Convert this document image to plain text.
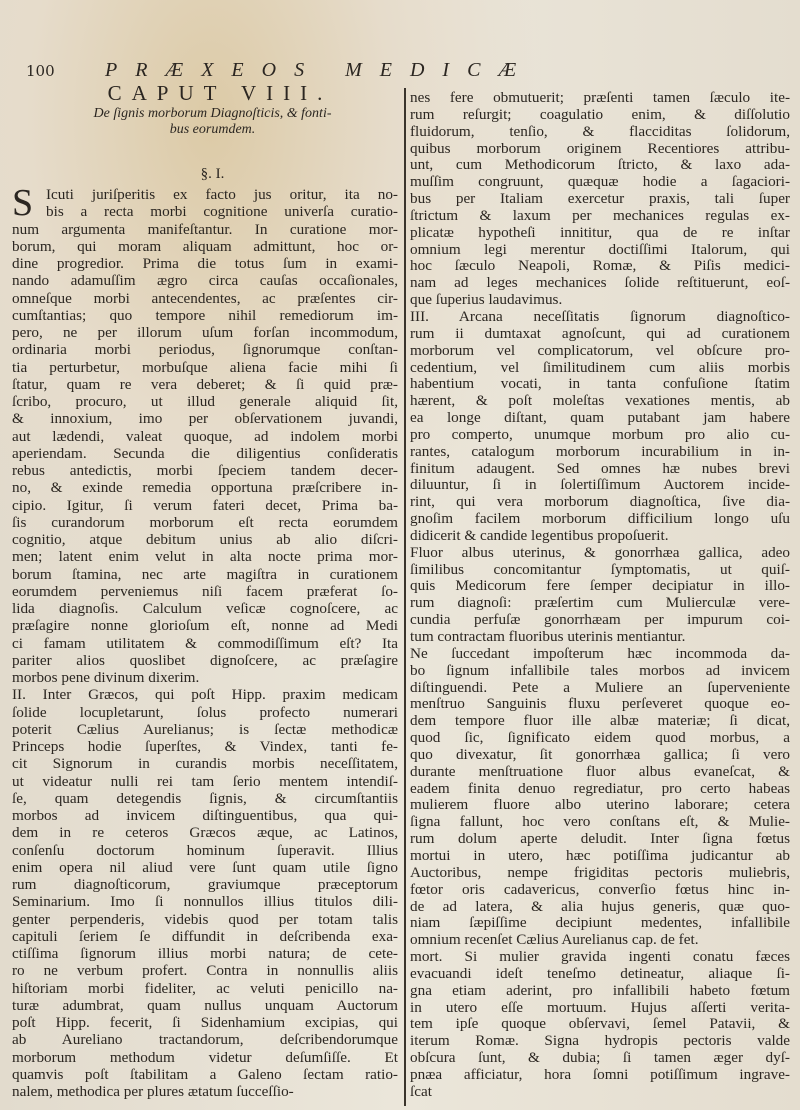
100	PRÆXEOS MEDICÆ
CAPUT VIII.
De ſignis morborum Diagnoſticis, & fonti-
bus eorumdem.
§. I.
S Icuti juriſperitis ex facto jus oritur, ita no-
bis a recta morbi cognitione univerſa curatio-
num argumenta manifeſtantur. In curatione mor-
borum, qui moram aliquam admittunt, hoc or-
dine progredior. Prima die totus ſum in exami-
nando adamuſſim ægro circa cauſas occaſionales,
omneſque morbi antecendentes, ac præſentes cir-
cumſtantias; quo tempore nihil remediorum im-
pero, ne per illorum uſum forſan incommodum,
ordinaria morbi periodus, ſignorumque conſtan-
tia perturbetur, morbuſque aliena facie mihi ſi
ſtatur, quam re vera deberet; & ſi quid præ-
ſcribo, procuro, ut illud generale aliquid ſit,
& innoxium, imo per obſervationem juvandi,
aut lædendi, valeat quoque, ad indolem morbi
aperiendam. Secunda die diligentius conſideratis
rebus antedictis, morbi ſpeciem tandem decer-
no, & exinde remedia opportuna præſcribere in-
cipio. Igitur, ſi verum fateri decet, Prima ba-
ſis curandorum morborum eſt recta eorumdem
cognitio, atque debitum unius ab alio diſcri-
men; latent enim velut in alta nocte prima mor-
borum ſtamina, nec arte magiſtra in curationem
eorumdem perveniemus niſi facem præferat ſo-
lida diagnoſis. Calculum veſicæ cognoſcere, ac
præſagire nonne glorioſum eſt, nonne ad Medi
ci famam utilitatem & commodiſſimum eſt? Ita
pariter alios quoslibet dignoſcere, ac præſagire
morbos pene divinum dixerim.
II. Inter Græcos, qui poſt Hipp. praxim medicam
ſolide locupletarunt, ſolus profecto numerari
poterit Cælius Aurelianus; is ſectæ methodicæ
Princeps hodie ſuperſtes, & Vindex, tanti fe-
cit Signorum in curandis morbis neceſſitatem,
ut videatur nulli rei tam ſerio mentem intendiſ-
ſe, quam detegendis ſignis, & circumſtantiis
morbos ad invicem diſtinguentibus, qua qui-
dem in re ceteros Græcos æque, ac Latinos,
conſenſu doctorum hominum ſuperavit. Illius
enim opera nil aliud vere ſunt quam utile ſigno
rum diagnoſticorum, graviumque præceptorum
Seminarium. Imo ſi nonnullos illius titulos dili-
genter perpenderis, videbis quod per totam talis
capituli ſeriem ſe diffundit in deſcribenda exa-
ctiſſima ſignorum illius morbi natura; de cete-
ro ne verbum profert. Contra in nonnullis aliis
hiſtoriam morbi fideliter, ac veluti penicillo na-
turæ adumbrat, quam nullus unquam Auctorum
poſt Hipp. fecerit, ſi Sidenhamium excipias, qui
ab Aureliano tractandorum, deſcribendorumque
morborum methodum videtur deſumſiſſe. Et
quamvis poſt ſtabilitam a Galeno ſectam ratio-
nalem, methodica per plures ætatum ſucceſſio-
nes fere obmutuerit; præſenti tamen ſæculo ite-
rum reſurgit; coagulatio enim, & diſſolutio
fluidorum, tenſio, & flacciditas ſolidorum,
quibus morborum originem Recentiores attribu-
unt, cum Methodicorum ſtricto, & laxo ada-
muſſim congruunt, quæquæ hodie a ſagaciori-
bus per Italiam exercetur praxis, tali ſuper
ſtrictum & laxum per mechanices regulas ex-
plicatæ hypotheſi innititur, qua de re inſtar
omnium legi merentur doctiſſimi Italorum, qui
hoc ſæculo Neapoli, Romæ, & Piſis medici-
nam ad leges mechanices ſolide reſtituerunt, eoſ-
que ſuperius laudavimus.
III. Arcana neceſſitatis ſignorum diagnoſtico-
rum ii dumtaxat agnoſcunt, qui ad curationem
morborum vel complicatorum, vel obſcure pro-
cedentium, vel ſimilitudinem cum aliis morbis
habentium vocati, in tanta confuſione ſtatim
hærent, & poſt moleſtas vexationes mentis, ab
ea longe diſtant, quam putabant jam habere
pro comperto, unumque morbum pro alio cu-
rantes, catalogum morborum incurabilium in in-
finitum adaugent. Sed omnes hæ nubes brevi
diluuntur, ſi in ſolertiſſimum Auctorem incide-
rint, qui vera morborum diagnoſtica, ſive dia-
gnoſim facilem morborum difficilium longo uſu
didicerit & candide legentibus propoſuerit.
Fluor albus uterinus, & gonorrhæa gallica, adeo
ſimilibus concomitantur ſymptomatis, ut quiſ-
quis Medicorum fere ſemper decipiatur in illo-
rum diagnoſi: præſertim cum Mulierculæ vere-
cundia perfuſæ gonorrhæam per impurum coi-
tum contractam fluoribus uterinis mentiantur.
Ne ſuccedant impoſterum hæc incommoda da-
bo ſignum infallibile tales morbos ad invicem
diſtinguendi. Pete a Muliere an ſuperveniente
menſtruo Sanguinis fluxu perſeveret quoque eo-
dem tempore fluor ille albæ materiæ; ſi dicat,
quod ſic, ſignificato eidem quod morbus, a
quo divexatur, ſit gonorrhæa gallica; ſi vero
durante menſtruatione fluor albus evaneſcat, &
eadem finita denuo regrediatur, pro certo habeas
mulierem fluore albo uterino laborare; cetera
ſigna fallunt, hoc vero conſtans eſt, & Mulie-
rum dolum aperte deludit. Inter ſigna fœtus
mortui in utero, hæc potiſſima judicantur ab
Auctoribus, nempe frigiditas pectoris muliebris,
fœtor oris cadavericus, converſio fœtus hinc in-
de ad latera, & alia hujus generis, quæ quo-
niam ſæpiſſime decipiunt medentes, infallibile
omnium recenſet Cælius Aurelianus cap. de fet.
mort. Si mulier gravida ingenti conatu fæces
evacuandi ideſt teneſmo detineatur, aliaque ſi-
gna etiam aderint, pro infallibili habeto fœtum
in utero eſſe mortuum. Hujus aſſerti verita-
tem ipſe quoque obſervavi, ſemel Patavii, &
iterum Romæ. Signa hydropis pectoris valde
obſcura ſunt, & dubia; ſi tamen æger dyſ-
pnæa afficiatur, hora ſomni potiſſimum ingrave-
ſcat
